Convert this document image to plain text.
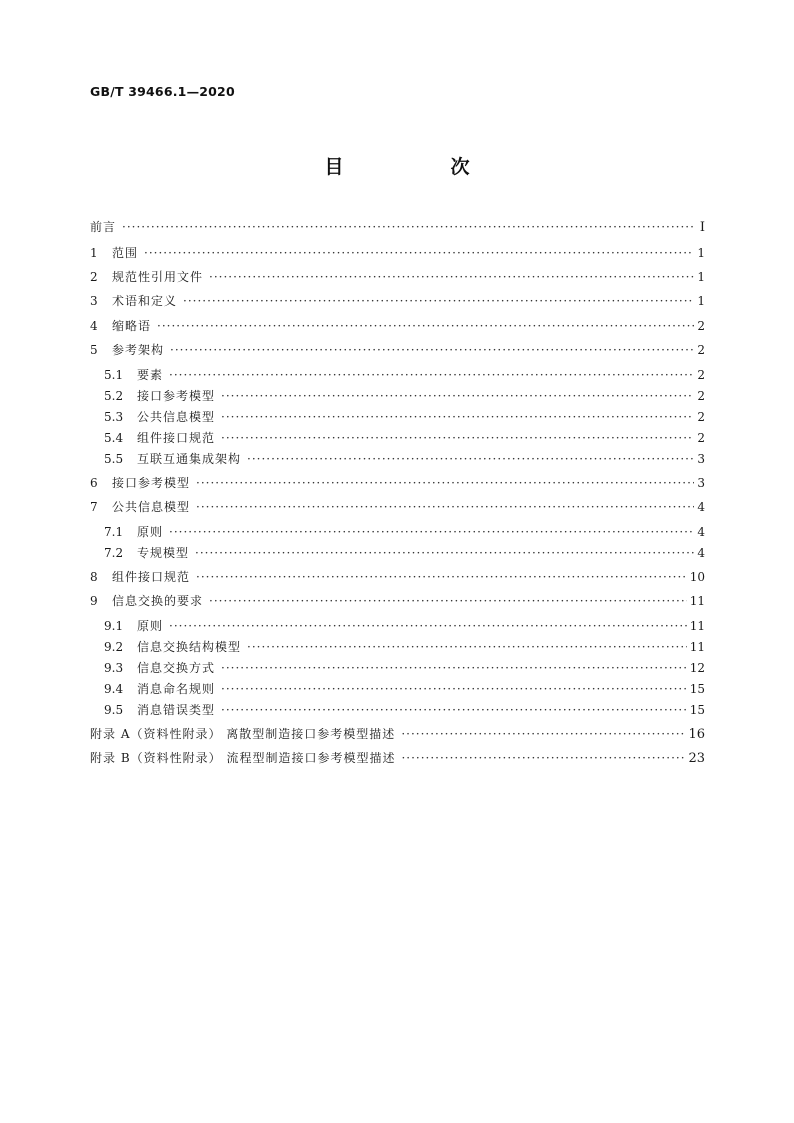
GB/T 39466.1—2020
目　次
前言 ·····	Ⅰ
1	范围 ·····	1
2	规范性引用文件 ·····	1
3	术语和定义 ·····	1
4	缩略语 ·····	2
5	参考架构 ·····	2
5.1	要素 ·····	2
5.2	接口参考模型 ·····	2
5.3	公共信息模型 ·····	2
5.4	组件接口规范 ·····	2
5.5	互联互通集成架构 ·····	3
6	接口参考模型 ·····	3
7	公共信息模型 ·····	4
7.1	原则 ·····	4
7.2	专规模型 ·····	4
8	组件接口规范 ·····	10
9	信息交换的要求 ·····	11
9.1	原则 ·····	11
9.2	信息交换结构模型 ·····	11
9.3	信息交换方式 ·····	12
9.4	消息命名规则 ·····	15
9.5	消息错误类型 ·····	15
附录 A（资料性附录） 离散型制造接口参考模型描述 ·····	16
附录 B（资料性附录） 流程型制造接口参考模型描述 ·····	23
